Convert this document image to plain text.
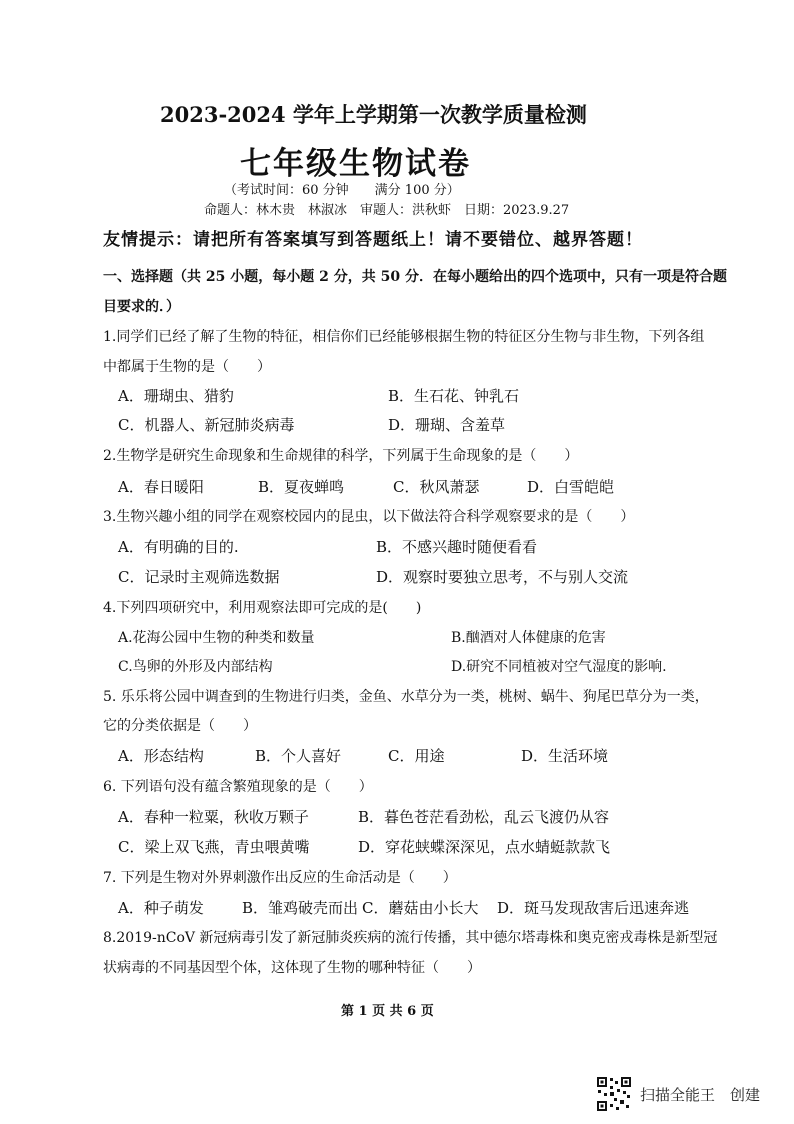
2023-2024 学年上学期第一次教学质量检测
七年级生物试卷
（考试时间：60 分钟　　满分 100 分）
命题人：林木贵　林淑冰　审题人：洪秋虾　日期：2023.9.27
友情提示：请把所有答案填写到答题纸上！请不要错位、越界答题！
一、选择题（共 25 小题，每小题 2 分，共 50 分．在每小题给出的四个选项中，只有一项是符合题
目要求的．）
1.同学们已经了解了生物的特征，相信你们已经能够根据生物的特征区分生物与非生物，下列各组
中都属于生物的是（　　）
A．珊瑚虫、猎豹	B．生石花、钟乳石
C．机器人、新冠肺炎病毒	D．珊瑚、含羞草
2.生物学是研究生命现象和生命规律的科学，下列属于生命现象的是（　　）
A．春日暖阳	B．夏夜蝉鸣	C．秋风萧瑟	D．白雪皑皑
3.生物兴趣小组的同学在观察校园内的昆虫，以下做法符合科学观察要求的是（　　）
A．有明确的目的.	B．不感兴趣时随便看看
C．记录时主观筛选数据	D．观察时要独立思考，不与别人交流
4.下列四项研究中，利用观察法即可完成的是(　　)
A.花海公园中生物的种类和数量	B.酗酒对人体健康的危害
C.鸟卵的外形及内部结构	D.研究不同植被对空气湿度的影响.
5. 乐乐将公园中调查到的生物进行归类，金鱼、水草分为一类，桃树、蜗牛、狗尾巴草分为一类，
它的分类依据是（　　）
A．形态结构	B．个人喜好	C．用途	D．生活环境
6. 下列语句没有蕴含繁殖现象的是（　　）
A．春种一粒粟，秋收万颗子	B．暮色苍茫看劲松，乱云飞渡仍从容
C．梁上双飞燕，青虫喂黄嘴	D．穿花蛱蝶深深见，点水蜻蜓款款飞
7. 下列是生物对外界刺激作出反应的生命活动是（　　）
A．种子萌发	B．雏鸡破壳而出 C．蘑菇由小长大 D．斑马发现敌害后迅速奔逃
8.2019-nCoV 新冠病毒引发了新冠肺炎疾病的流行传播，其中德尔塔毒株和奥克密戎毒株是新型冠
状病毒的不同基因型个体，这体现了生物的哪种特征（　　）
第 1 页 共 6 页
扫描全能王　创建
